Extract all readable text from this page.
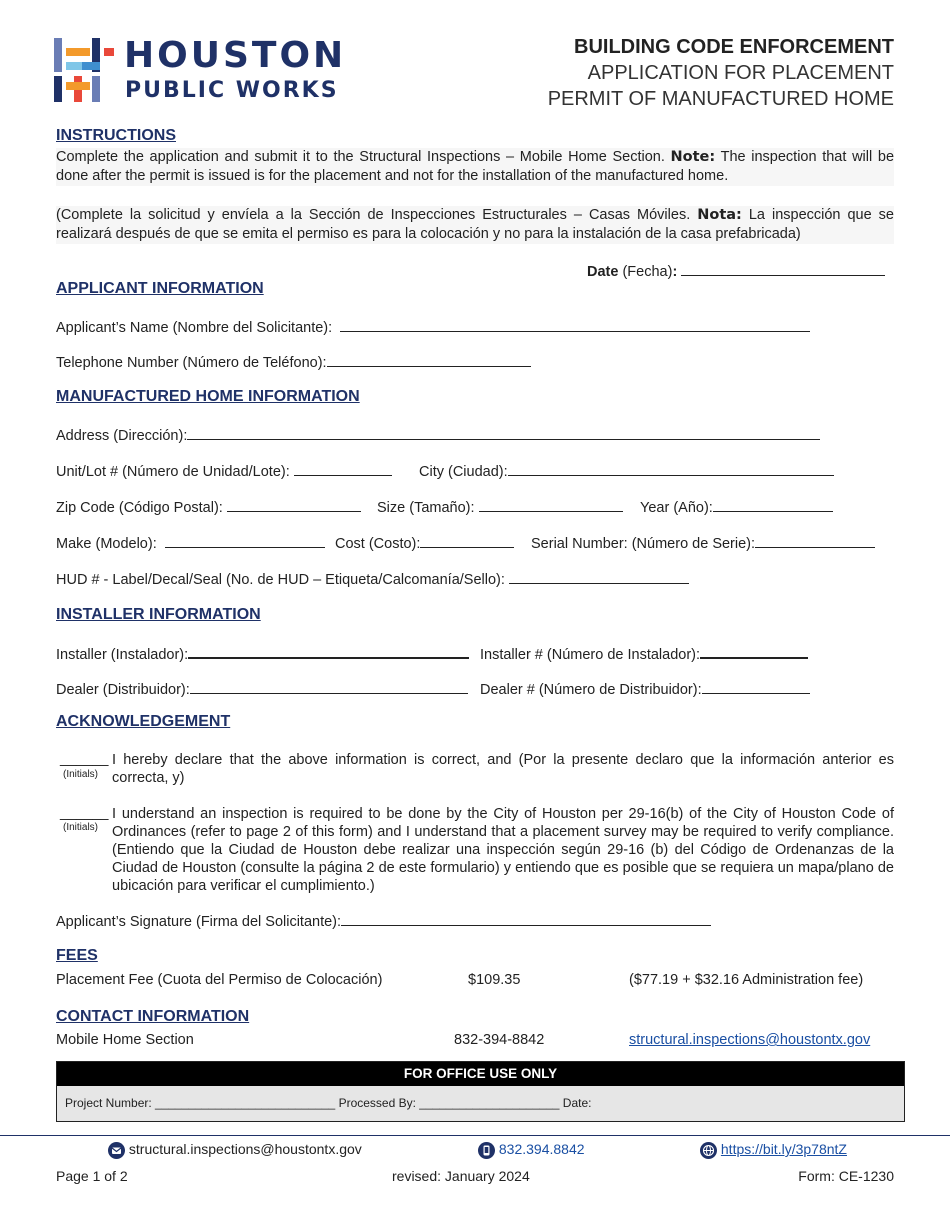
HOUSTON
PUBLIC WORKS
BUILDING CODE ENFORCEMENT
APPLICATION FOR PLACEMENT
PERMIT OF MANUFACTURED HOME
INSTRUCTIONS
Complete the application and submit it to the Structural Inspections – Mobile Home Section. Note: The inspection that will be done after the permit is issued is for the placement and not for the installation of the manufactured home.
(Complete la solicitud y envíela a la Sección de Inspecciones Estructurales – Casas Móviles. Nota: La inspección que se realizará después de que se emita el permiso es para la colocación y no para la instalación de la casa prefabricada)
Date (Fecha):
APPLICANT INFORMATION
Applicant’s Name (Nombre del Solicitante):
Telephone Number (Número de Teléfono):
MANUFACTURED HOME INFORMATION
Address (Dirección):
Unit/Lot # (Número de Unidad/Lote):	City (Ciudad):
Zip Code (Código Postal):	Size (Tamaño):	Year (Año):
Make (Modelo):	Cost (Costo):	Serial Number: (Número de Serie):
HUD # - Label/Decal/Seal (No. de HUD – Etiqueta/Calcomanía/Sello):
INSTALLER INFORMATION
Installer (Instalador):	Installer # (Número de Instalador):
Dealer (Distribuidor):	Dealer # (Número de Distribuidor):
ACKNOWLEDGEMENT
______
(Initials)
I hereby declare that the above information is correct, and (Por la presente declaro que la información anterior es correcta, y)
______
(Initials)
I understand an inspection is required to be done by the City of Houston per 29-16(b) of the City of Houston Code of Ordinances (refer to page 2 of this form) and I understand that a placement survey may be required to verify compliance. (Entiendo que la Ciudad de Houston debe realizar una inspección según 29-16 (b) del Código de Ordenanzas de la Ciudad de Houston (consulte la página 2 de este formulario) y entiendo que es posible que se requiera un mapa/plano de ubicación para verificar el cumplimiento.)
Applicant’s Signature (Firma del Solicitante):
FEES
Placement Fee (Cuota del Permiso de Colocación)	$109.35	($77.19 + $32.16 Administration fee)
CONTACT INFORMATION
Mobile Home Section	832-394-8842	structural.inspections@houstontx.gov
FOR OFFICE USE ONLY
Project Number: ___________________________ Processed By: _____________________ Date:
structural.inspections@houstontx.gov	832.394.8842	https://bit.ly/3p78ntZ
Page 1 of 2	revised: January 2024	Form: CE-1230
